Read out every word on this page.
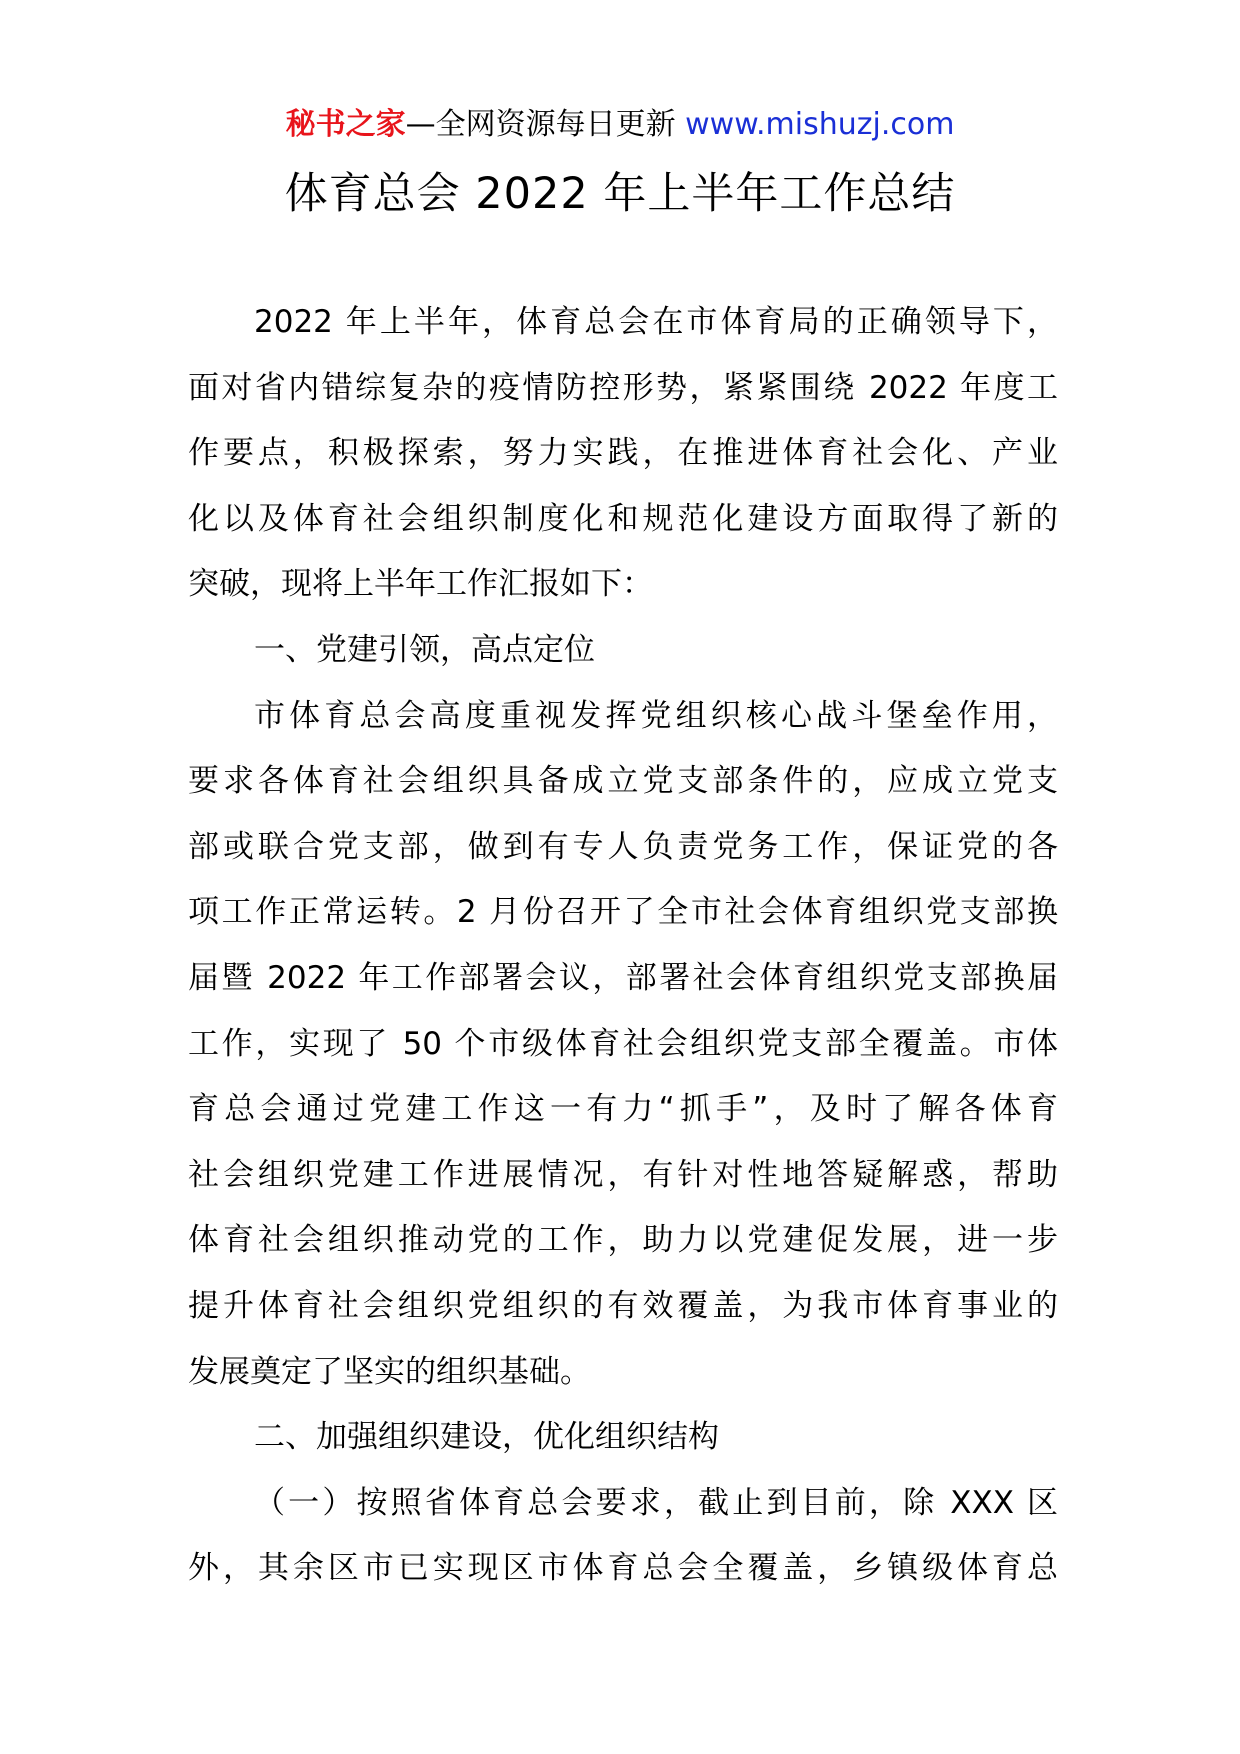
秘书之家—全网资源每日更新 www.mishuzj.com
体育总会 2022 年上半年工作总结
2022 年上半年，体育总会在市体育局的正确领导下，
面对省内错综复杂的疫情防控形势，紧紧围绕 2022 年度工
作要点，积极探索，努力实践，在推进体育社会化、产业
化以及体育社会组织制度化和规范化建设方面取得了新的
突破，现将上半年工作汇报如下：
一、党建引领，高点定位
市体育总会高度重视发挥党组织核心战斗堡垒作用，
要求各体育社会组织具备成立党支部条件的，应成立党支
部或联合党支部，做到有专人负责党务工作，保证党的各
项工作正常运转。2 月份召开了全市社会体育组织党支部换
届暨 2022 年工作部署会议，部署社会体育组织党支部换届
工作，实现了 50 个市级体育社会组织党支部全覆盖。市体
育总会通过党建工作这一有力“抓手”，及时了解各体育
社会组织党建工作进展情况，有针对性地答疑解惑，帮助
体育社会组织推动党的工作，助力以党建促发展，进一步
提升体育社会组织党组织的有效覆盖，为我市体育事业的
发展奠定了坚实的组织基础。
二、加强组织建设，优化组织结构
（一）按照省体育总会要求，截止到目前，除 XXX 区
外，其余区市已实现区市体育总会全覆盖，乡镇级体育总
